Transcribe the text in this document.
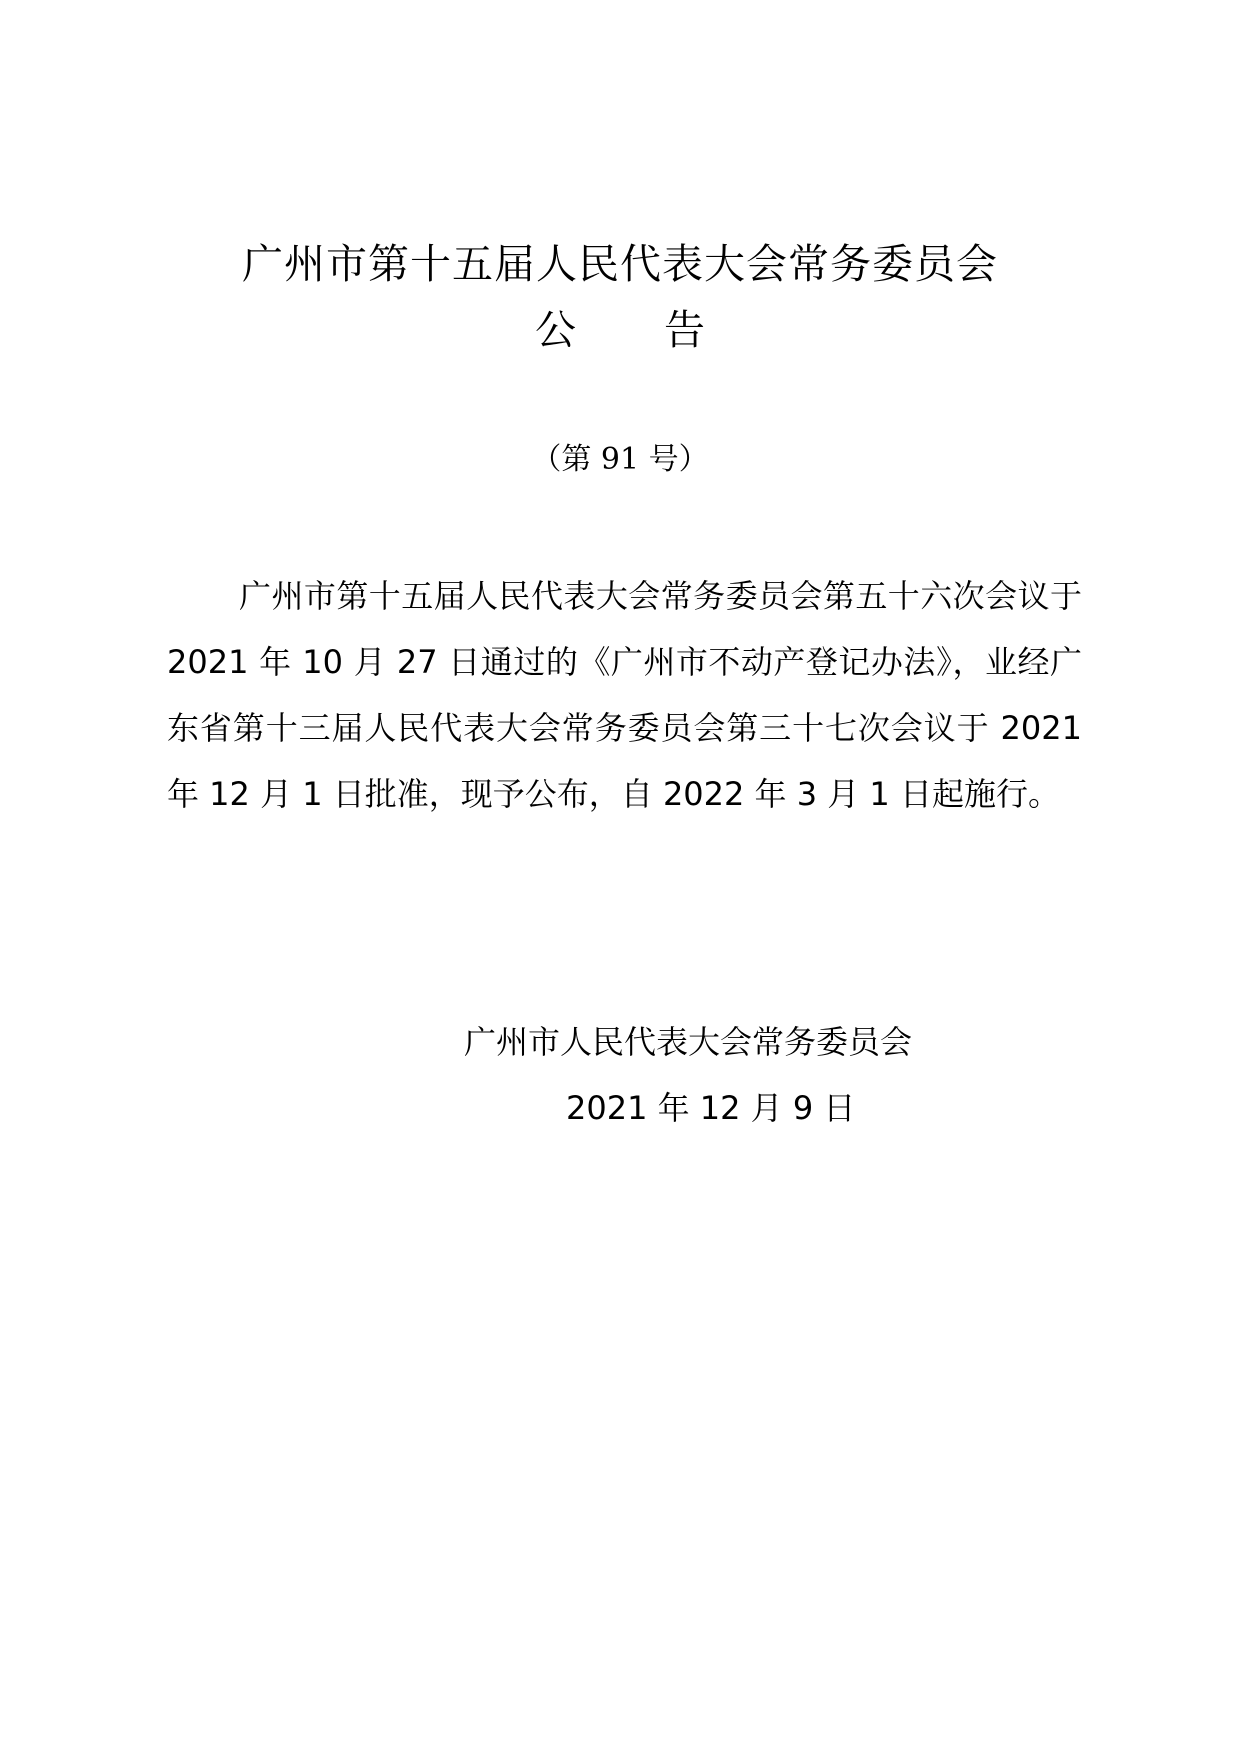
广州市第十五届人民代表大会常务委员会
公 告
（第 91 号）

广州市第十五届人民代表大会常务委员会第五十六次会议于 2021 年 10 月 27 日通过的《广州市不动产登记办法》，业经广东省第十三届人民代表大会常务委员会第三十七次会议于 2021 年 12 月 1 日批准，现予公布，自 2022 年 3 月 1 日起施行。

广州市人民代表大会常务委员会
2021 年 12 月 9 日
